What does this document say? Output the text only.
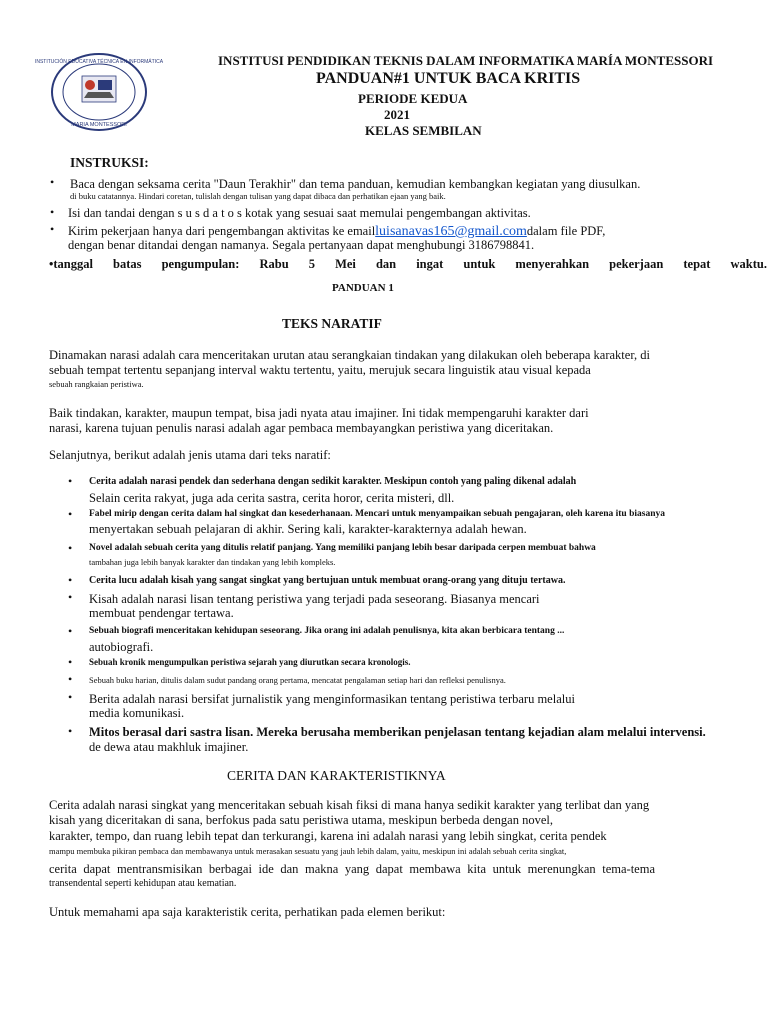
INSTITUCIÓN EDUCATIVA TÉCNICA EN INFORMÁTICA
MARIA MONTESSORI
INSTITUSI PENDIDIKAN TEKNIS DALAM INFORMATIKA MARÍA MONTESSORI
PANDUAN#1 UNTUK BACA KRITIS
PERIODE KEDUA
2021
KELAS SEMBILAN
INSTRUKSI:
• Baca dengan seksama cerita "Daun Terakhir" dan tema panduan, kemudian kembangkan kegiatan yang diusulkan.
di buku catatannya. Hindari coretan, tulislah dengan tulisan yang dapat dibaca dan perhatikan ejaan yang baik.
• Isi dan tandai dengan s u s d a t o s kotak yang sesuai saat memulai pengembangan aktivitas.
• Kirim pekerjaan hanya dari pengembangan aktivitas ke emailluisanavas165@gmail.comdalam file PDF,
dengan benar ditandai dengan namanya. Segala pertanyaan dapat menghubungi 3186798841.
•tanggal batas pengumpulan: Rabu 5 Mei dan ingat untuk menyerahkan pekerjaan tepat waktu.
PANDUAN 1
TEKS NARATIF
Dinamakan narasi adalah cara menceritakan urutan atau serangkaian tindakan yang dilakukan oleh beberapa karakter, di
sebuah tempat tertentu sepanjang interval waktu tertentu, yaitu, merujuk secara linguistik atau visual kepada
sebuah rangkaian peristiwa.
Baik tindakan, karakter, maupun tempat, bisa jadi nyata atau imajiner. Ini tidak mempengaruhi karakter dari
narasi, karena tujuan penulis narasi adalah agar pembaca membayangkan peristiwa yang diceritakan.
Selanjutnya, berikut adalah jenis utama dari teks naratif:
• Cerita adalah narasi pendek dan sederhana dengan sedikit karakter. Meskipun contoh yang paling dikenal adalah
Selain cerita rakyat, juga ada cerita sastra, cerita horor, cerita misteri, dll.
• Fabel mirip dengan cerita dalam hal singkat dan kesederhanaan. Mencari untuk menyampaikan sebuah pengajaran, oleh karena itu biasanya
menyertakan sebuah pelajaran di akhir. Sering kali, karakter-karakternya adalah hewan.
• Novel adalah sebuah cerita yang ditulis relatif panjang. Yang memiliki panjang lebih besar daripada cerpen membuat bahwa
tambahan juga lebih banyak karakter dan tindakan yang lebih kompleks.
• Cerita lucu adalah kisah yang sangat singkat yang bertujuan untuk membuat orang-orang yang dituju tertawa.
• Kisah adalah narasi lisan tentang peristiwa yang terjadi pada seseorang. Biasanya mencari
membuat pendengar tertawa.
• Sebuah biografi menceritakan kehidupan seseorang. Jika orang ini adalah penulisnya, kita akan berbicara tentang ...
autobiografi.
• Sebuah kronik mengumpulkan peristiwa sejarah yang diurutkan secara kronologis.
• Sebuah buku harian, ditulis dalam sudut pandang orang pertama, mencatat pengalaman setiap hari dan refleksi penulisnya.
• Berita adalah narasi bersifat jurnalistik yang menginformasikan tentang peristiwa terbaru melalui
media komunikasi.
• Mitos berasal dari sastra lisan. Mereka berusaha memberikan penjelasan tentang kejadian alam melalui intervensi.
de dewa atau makhluk imajiner.
CERITA DAN KARAKTERISTIKNYA
Cerita adalah narasi singkat yang menceritakan sebuah kisah fiksi di mana hanya sedikit karakter yang terlibat dan yang
kisah yang diceritakan di sana, berfokus pada satu peristiwa utama, meskipun berbeda dengan novel,
karakter, tempo, dan ruang lebih tepat dan terkurangi, karena ini adalah narasi yang lebih singkat, cerita pendek
mampu membuka pikiran pembaca dan membawanya untuk merasakan sesuatu yang jauh lebih dalam, yaitu, meskipun ini adalah sebuah cerita singkat,
cerita dapat mentransmisikan berbagai ide dan makna yang dapat membawa kita untuk merenungkan tema-tema
transendental seperti kehidupan atau kematian.
Untuk memahami apa saja karakteristik cerita, perhatikan pada elemen berikut:
